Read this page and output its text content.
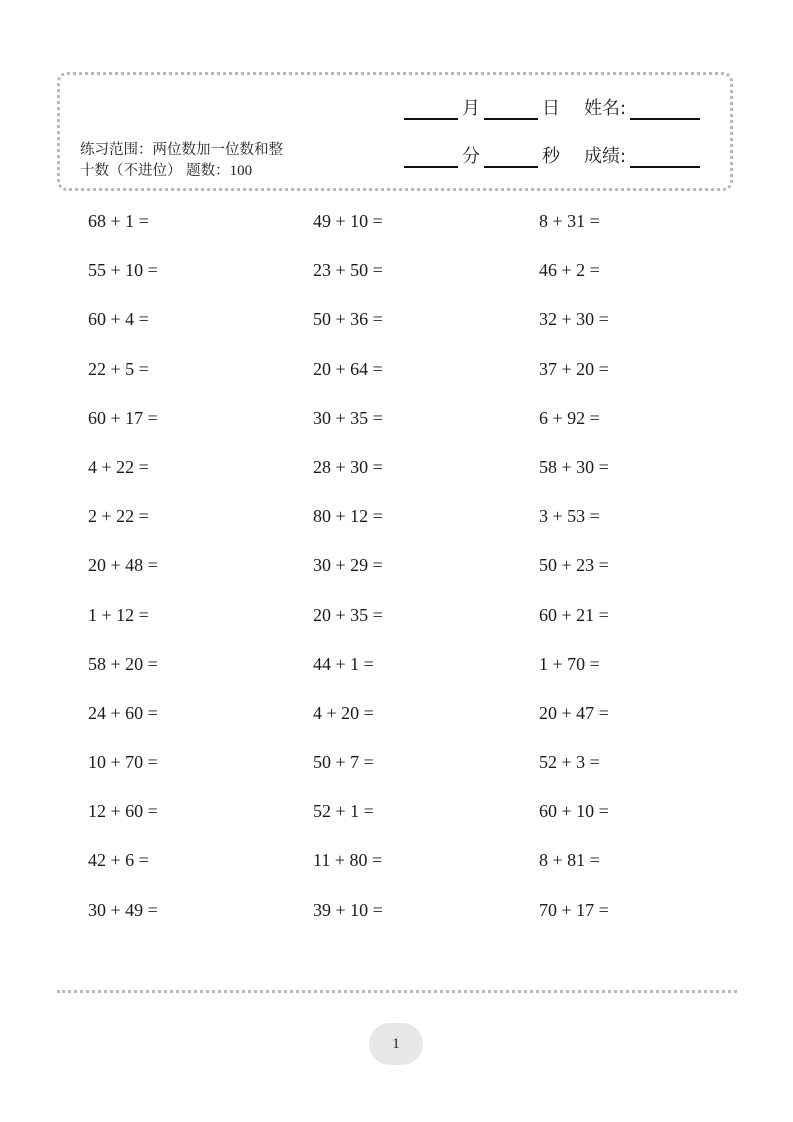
练习范围：两位数加一位数和整
十数（不进位） 题数：100
月	日 姓名:
分	秒 成绩:
68 + 1 =	49 + 10 =	8 + 31 =
55 + 10 =	23 + 50 =	46 + 2 =
60 + 4 =	50 + 36 =	32 + 30 =
22 + 5 =	20 + 64 =	37 + 20 =
60 + 17 =	30 + 35 =	6 + 92 =
4 + 22 =	28 + 30 =	58 + 30 =
2 + 22 =	80 + 12 =	3 + 53 =
20 + 48 =	30 + 29 =	50 + 23 =
1 + 12 =	20 + 35 =	60 + 21 =
58 + 20 =	44 + 1 =	1 + 70 =
24 + 60 =	4 + 20 =	20 + 47 =
10 + 70 =	50 + 7 =	52 + 3 =
12 + 60 =	52 + 1 =	60 + 10 =
42 + 6 =	11 + 80 =	8 + 81 =
30 + 49 =	39 + 10 =	70 + 17 =
1
